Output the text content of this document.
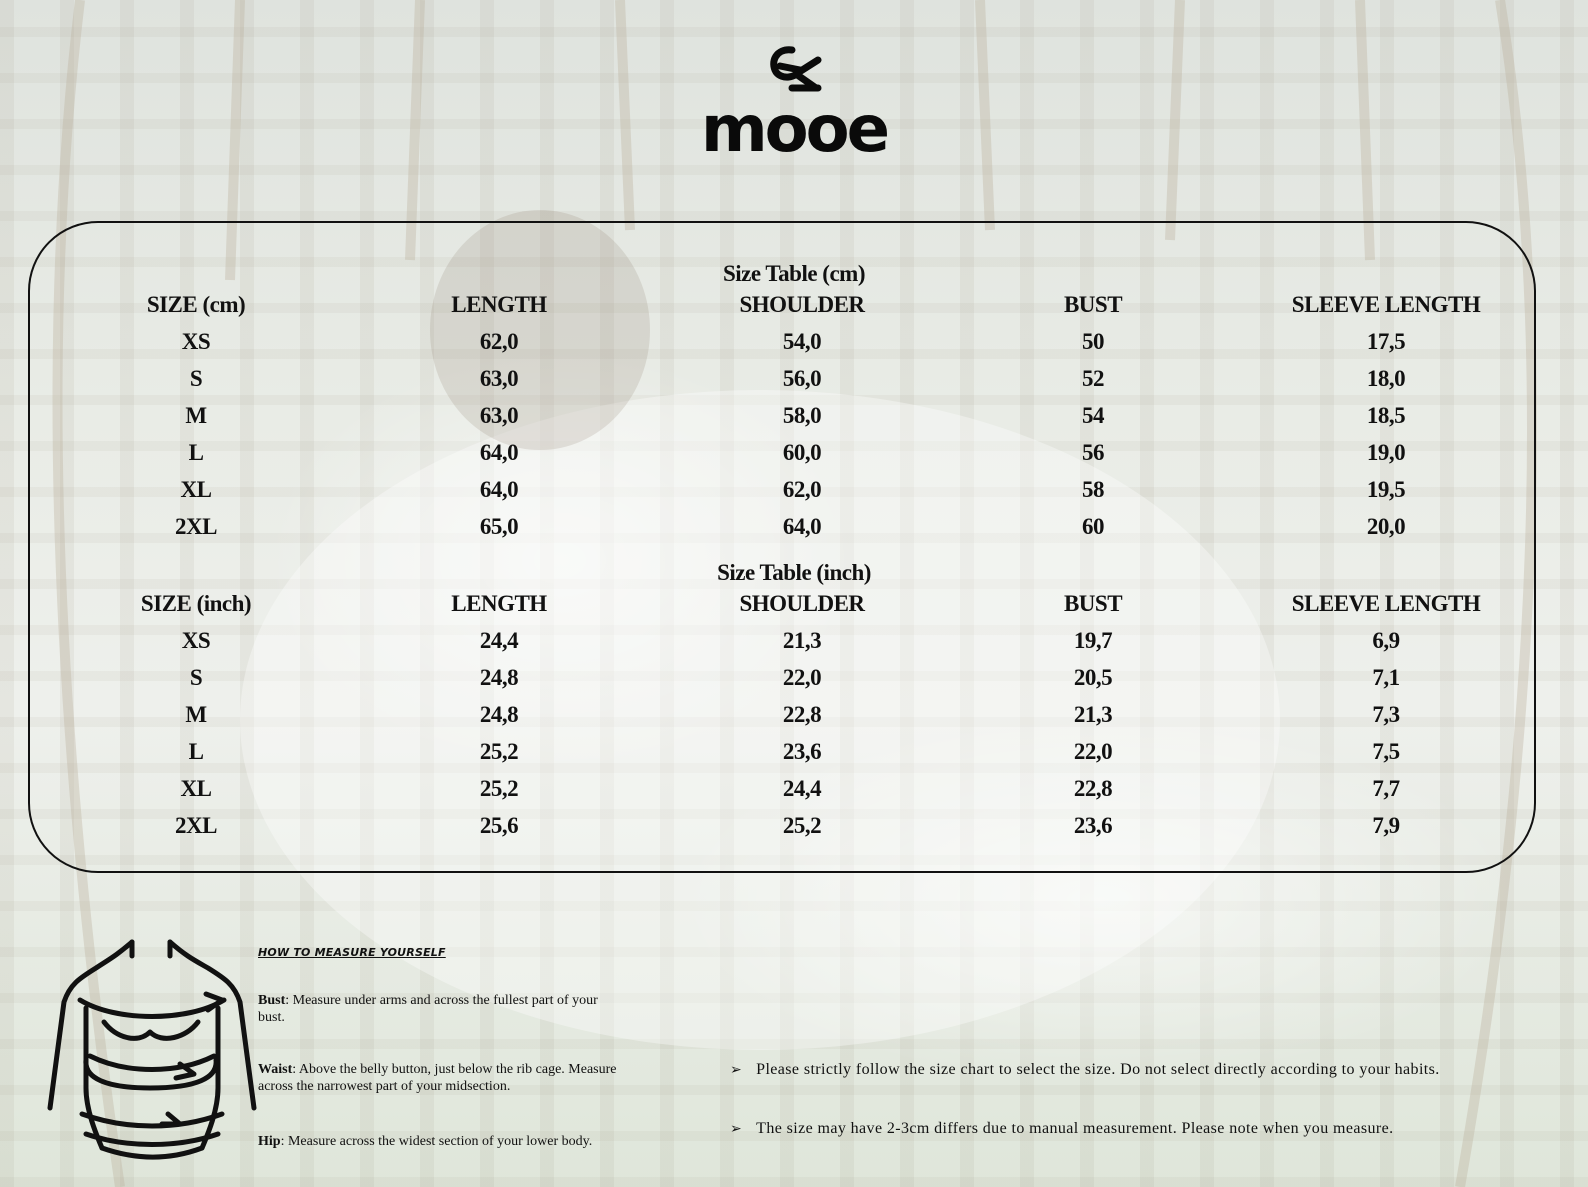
mooe
Size Table (cm)
SIZE (cm)	LENGTH	SHOULDER	BUST	SLEEVE LENGTH
XS	62,0	54,0	50	17,5
S	63,0	56,0	52	18,0
M	63,0	58,0	54	18,5
L	64,0	60,0	56	19,0
XL	64,0	62,0	58	19,5
2XL	65,0	64,0	60	20,0
Size Table (inch)
SIZE (inch)	LENGTH	SHOULDER	BUST	SLEEVE LENGTH
XS	24,4	21,3	19,7	6,9
S	24,8	22,0	20,5	7,1
M	24,8	22,8	21,3	7,3
L	25,2	23,6	22,0	7,5
XL	25,2	24,4	22,8	7,7
2XL	25,6	25,2	23,6	7,9
HOW TO MEASURE YOURSELF
Bust: Measure under arms and across the fullest part of your bust.
Waist: Above the belly button, just below the rib cage. Measure across the narrowest part of your midsection.
Hip: Measure across the widest section of your lower body.
➢ Please strictly follow the size chart to select the size. Do not select directly according to your habits.
➢ The size may have 2-3cm differs due to manual measurement. Please note when you measure.
